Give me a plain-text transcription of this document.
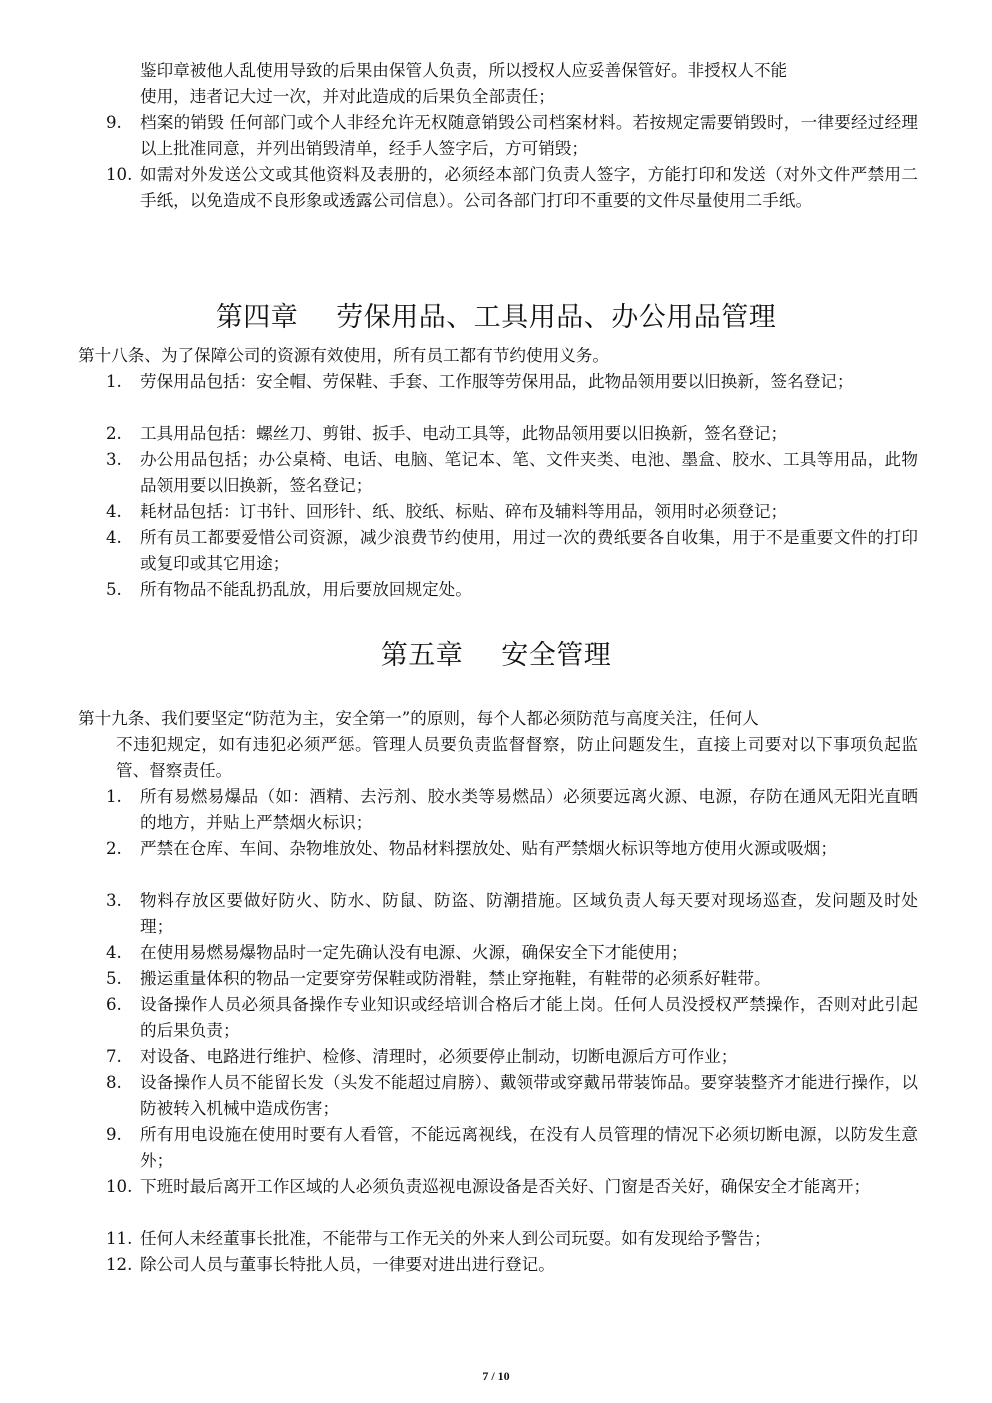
鉴印章被他人乱使用导致的后果由保管人负责，所以授权人应妥善保管好。非授权人不能
使用，违者记大过一次，并对此造成的后果负全部责任；
9. 档案的销毁 任何部门或个人非经允许无权随意销毁公司档案材料。若按规定需要销毁时，一律要经过经理以上批准同意，并列出销毁清单，经手人签字后，方可销毁；
10. 如需对外发送公文或其他资料及表册的，必须经本部门负责人签字，方能打印和发送（对外文件严禁用二手纸，以免造成不良形象或透露公司信息）。公司各部门打印不重要的文件尽量使用二手纸。
第四章 劳保用品、工具用品、办公用品管理
第十八条、为了保障公司的资源有效使用，所有员工都有节约使用义务。
1. 劳保用品包括：安全帽、劳保鞋、手套、工作服等劳保用品，此物品领用要以旧换新，签名登记；
2. 工具用品包括：螺丝刀、剪钳、扳手、电动工具等，此物品领用要以旧换新，签名登记；
3. 办公用品包括；办公桌椅、电话、电脑、笔记本、笔、文件夹类、电池、墨盒、胶水、工具等用品，此物品领用要以旧换新，签名登记；
4. 耗材品包括：订书针、回形针、纸、胶纸、标贴、碎布及辅料等用品，领用时必须登记；
4. 所有员工都要爱惜公司资源，减少浪费节约使用，用过一次的费纸要各自收集，用于不是重要文件的打印或复印或其它用途；
5. 所有物品不能乱扔乱放，用后要放回规定处。
第五章 安全管理
第十九条、我们要坚定“防范为主，安全第一”的原则，每个人都必须防范与高度关注，任何人
不违犯规定，如有违犯必须严惩。管理人员要负责监督督察，防止问题发生，直接上司要对以下事项负起监管、督察责任。
1. 所有易燃易爆品（如：酒精、去污剂、胶水类等易燃品）必须要远离火源、电源，存防在通风无阳光直晒的地方，并贴上严禁烟火标识；
2. 严禁在仓库、车间、杂物堆放处、物品材料摆放处、贴有严禁烟火标识等地方使用火源或吸烟；
3. 物料存放区要做好防火、防水、防鼠、防盗、防潮措施。区域负责人每天要对现场巡查，发问题及时处理；
4. 在使用易燃易爆物品时一定先确认没有电源、火源，确保安全下才能使用；
5. 搬运重量体积的物品一定要穿劳保鞋或防滑鞋，禁止穿拖鞋，有鞋带的必须系好鞋带。
6. 设备操作人员必须具备操作专业知识或经培训合格后才能上岗。任何人员没授权严禁操作，否则对此引起的后果负责；
7. 对设备、电路进行维护、检修、清理时，必须要停止制动，切断电源后方可作业；
8. 设备操作人员不能留长发（头发不能超过肩膀）、戴领带或穿戴吊带装饰品。要穿装整齐才能进行操作，以防被转入机械中造成伤害；
9. 所有用电设施在使用时要有人看管，不能远离视线，在没有人员管理的情况下必须切断电源，以防发生意外；
10. 下班时最后离开工作区域的人必须负责巡视电源设备是否关好、门窗是否关好，确保安全才能离开；
11. 任何人未经董事长批准，不能带与工作无关的外来人到公司玩耍。如有发现给予警告；
12. 除公司人员与董事长特批人员，一律要对进出进行登记。
7 / 10
